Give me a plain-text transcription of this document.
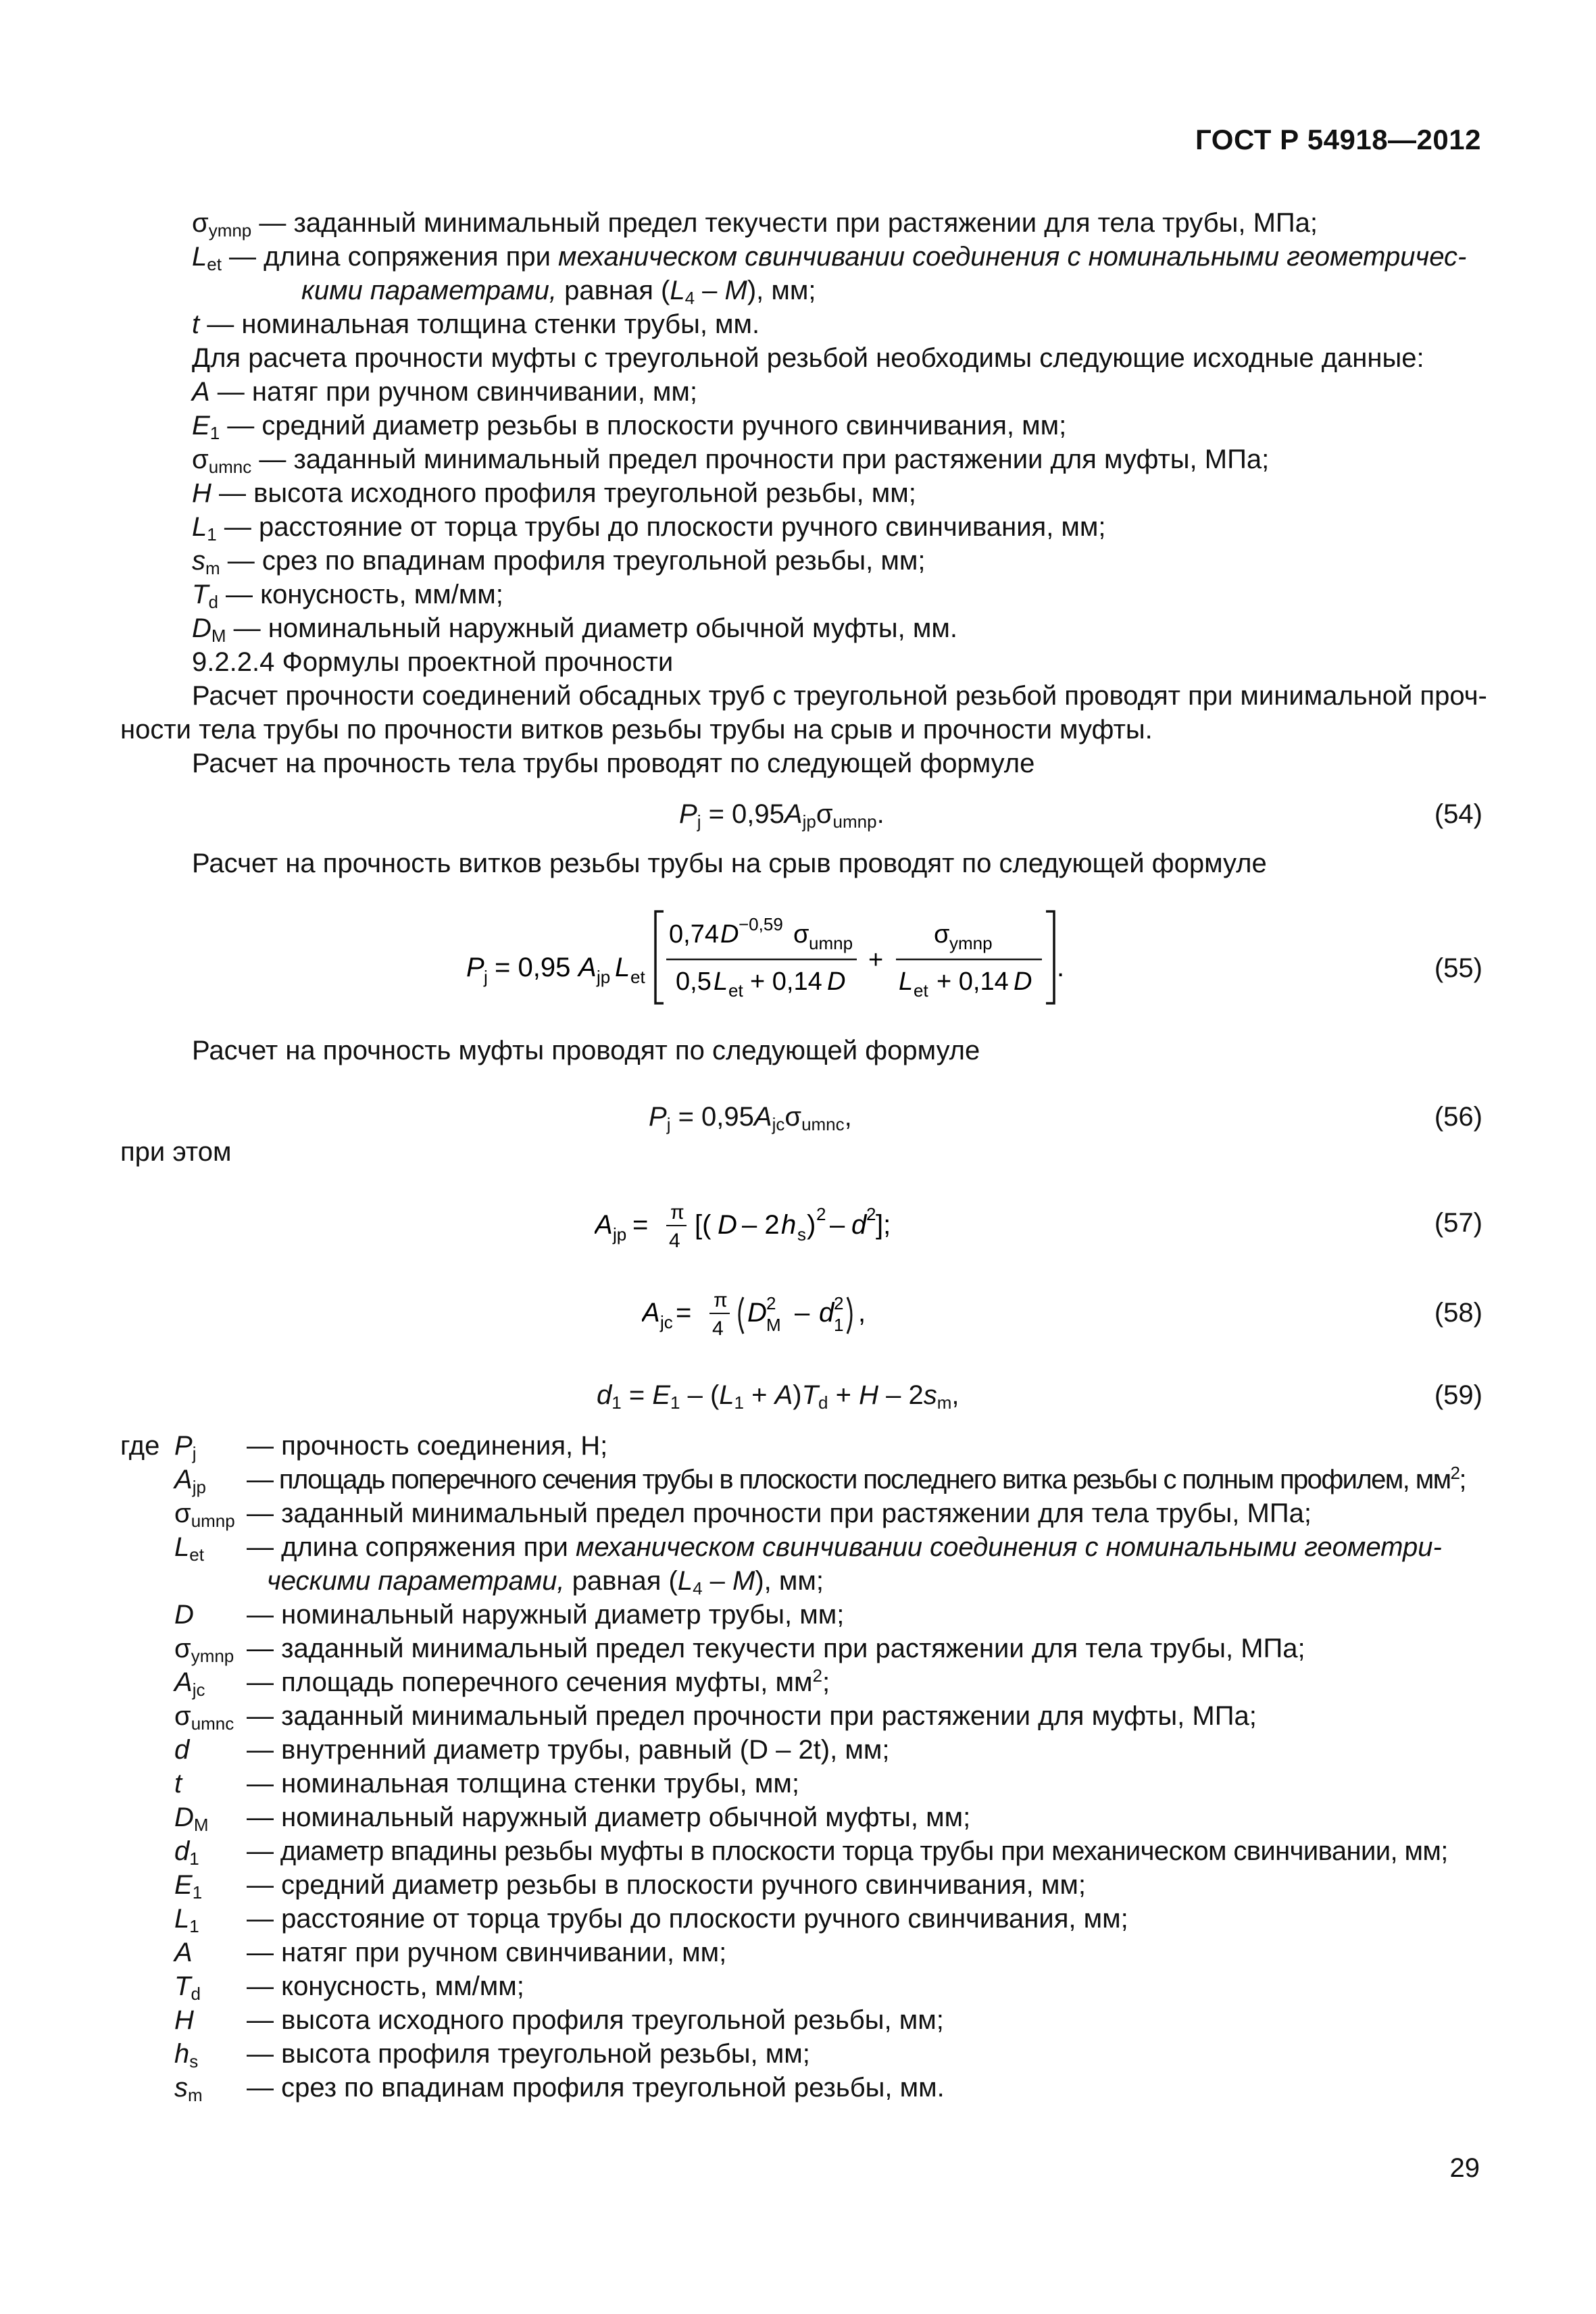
ГОСТ Р 54918—2012
$\sigma_{ymnp}$ — заданный минимальный предел текучести при растяжении для тела трубы, МПа;
$L_{et}$ — длина сопряжения при механическом свинчивании соединения с номинальными геометричес-
кими параметрами, равная $(L_4 - M)$, мм;
t — номинальная толщина стенки трубы, мм.
Для расчета прочности муфты с треугольной резьбой необходимы следующие исходные данные:
A — натяг при ручном свинчивании, мм;
$E_1$ — средний диаметр резьбы в плоскости ручного свинчивания, мм;
$\sigma_{umnc}$ — заданный минимальный предел прочности при растяжении для муфты, МПа;
H — высота исходного профиля треугольной резьбы, мм;
$L_1$ — расстояние от торца трубы до плоскости ручного свинчивания, мм;
$s_m$ — срез по впадинам профиля треугольной резьбы, мм;
$T_d$ — конусность, мм/мм;
$D_M$ — номинальный наружный диаметр обычной муфты, мм.
9.2.2.4 Формулы проектной прочности
Расчет прочности соединений обсадных труб с треугольной резьбой проводят при минимальной проч-
ности тела трубы по прочности витков резьбы трубы на срыв и прочности муфты.
Расчет на прочность тела трубы проводят по следующей формуле
$P_j = 0,95A_{jp}\sigma_{umnp}$.	(54)
Расчет на прочность витков резьбы трубы на срыв проводят по следующей формуле
P j = 0,95 A jp L et
0,74 D −0,59 σ umnp
0,5 L et + 0,14 D
+
σ ymnp
L et + 0,14 D .	(55)
Расчет на прочность муфты проводят по следующей формуле
$P_j = 0,95A_{jc}\sigma_{umnc}$,	(56)
при этом
A jp = π
4
[( D – 2 h s ) 2 – d 2 ];	(57)
A jc = π
4
D 2
M – d 2
1 ,	(58)
$d_1 = E_1 - (L_1 + A)T_d + H - 2s_m$,	(59)
где $P_j$ — прочность соединения, Н;
$A_{jp}$ — площадь поперечного сечения трубы в плоскости последнего витка резьбы с полным профилем, $мм^2$;
$\sigma_{umnp}$ — заданный минимальный предел прочности при растяжении для тела трубы, МПа;
$L_{et}$ — длина сопряжения при механическом свинчивании соединения с номинальными геометри-
ческими параметрами, равная $(L_4 - M)$, мм;
D — номинальный наружный диаметр трубы, мм;
$\sigma_{ymnp}$ — заданный минимальный предел текучести при растяжении для тела трубы, МПа;
$A_{jc}$ — площадь поперечного сечения муфты, $мм^2$;
$\sigma_{umnc}$ — заданный минимальный предел прочности при растяжении для муфты, МПа;
d — внутренний диаметр трубы, равный (D – 2t), мм;
t — номинальная толщина стенки трубы, мм;
$D_M$ — номинальный наружный диаметр обычной муфты, мм;
$d_1$ — диаметр впадины резьбы муфты в плоскости торца трубы при механическом свинчивании, мм;
$E_1$ — средний диаметр резьбы в плоскости ручного свинчивания, мм;
$L_1$ — расстояние от торца трубы до плоскости ручного свинчивания, мм;
A — натяг при ручном свинчивании, мм;
$T_d$ — конусность, мм/мм;
H — высота исходного профиля треугольной резьбы, мм;
$h_s$ — высота профиля треугольной резьбы, мм;
$s_m$ — срез по впадинам профиля треугольной резьбы, мм.
29
